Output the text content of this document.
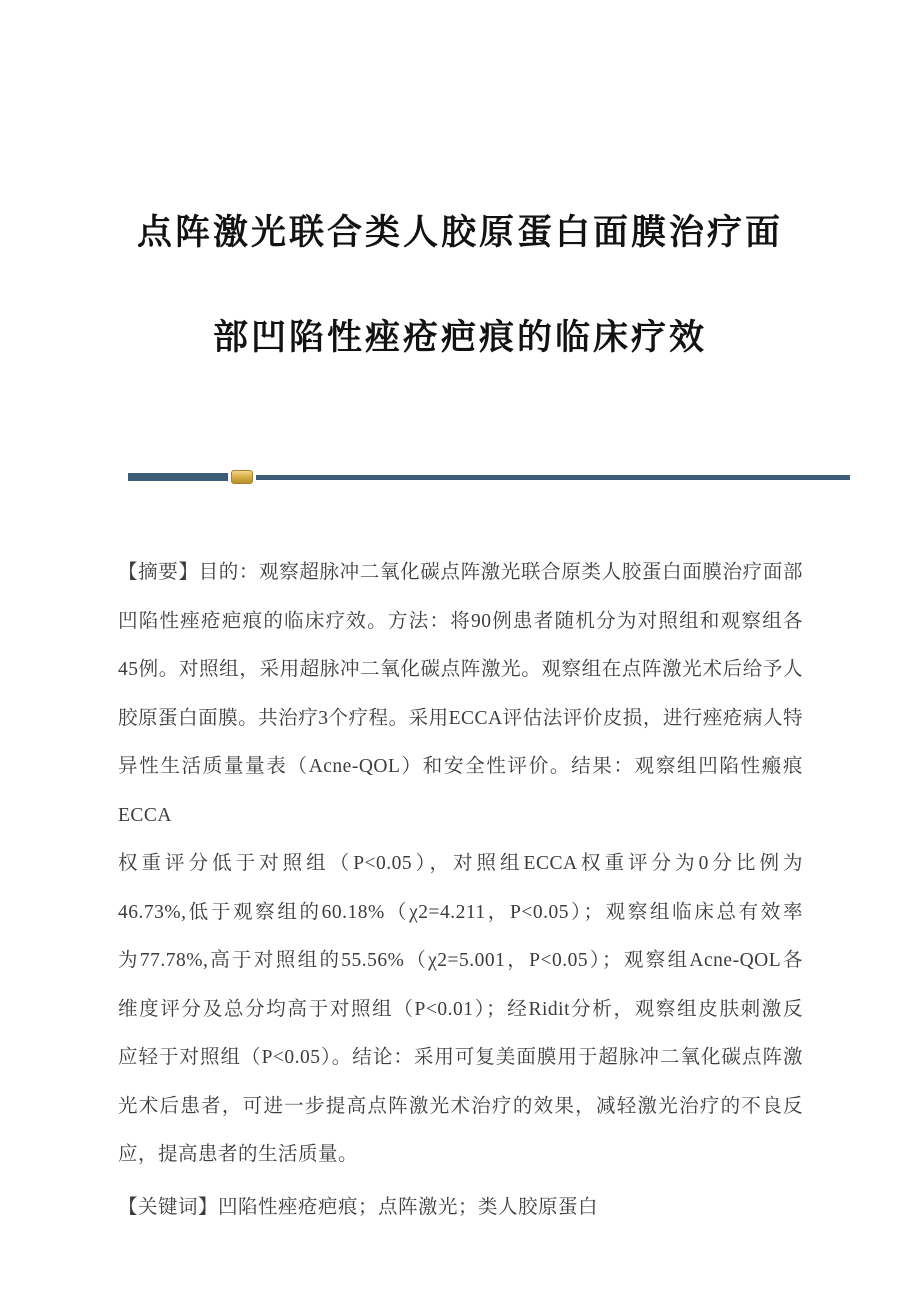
点阵激光联合类人胶原蛋白面膜治疗面
部凹陷性痤疮疤痕的临床疗效
【摘要】目的：观察超脉冲二氧化碳点阵激光联合原类人胶蛋白面膜治疗面部
凹陷性痤疮疤痕的临床疗效。方法：将90例患者随机分为对照组和观察组各
45例。对照组，采用超脉冲二氧化碳点阵激光。观察组在点阵激光术后给予人
胶原蛋白面膜。共治疗3个疗程。采用ECCA评估法评价皮损，进行痤疮病人特
异性生活质量量表（Acne-QOL）和安全性评价。结果：观察组凹陷性瘢痕ECCA
权重评分低于对照组（P<0.05），对照组ECCA权重评分为0分比例为
46.73%,低于观察组的60.18%（χ2=4.211，P<0.05）；观察组临床总有效率
为77.78%,高于对照组的55.56%（χ2=5.001，P<0.05）；观察组Acne-QOL各
维度评分及总分均高于对照组（P<0.01）；经Ridit分析，观察组皮肤刺激反
应轻于对照组（P<0.05）。结论：采用可复美面膜用于超脉冲二氧化碳点阵激
光术后患者，可进一步提高点阵激光术治疗的效果，减轻激光治疗的不良反
应，提高患者的生活质量。
【关键词】凹陷性痤疮疤痕；点阵激光；类人胶原蛋白
